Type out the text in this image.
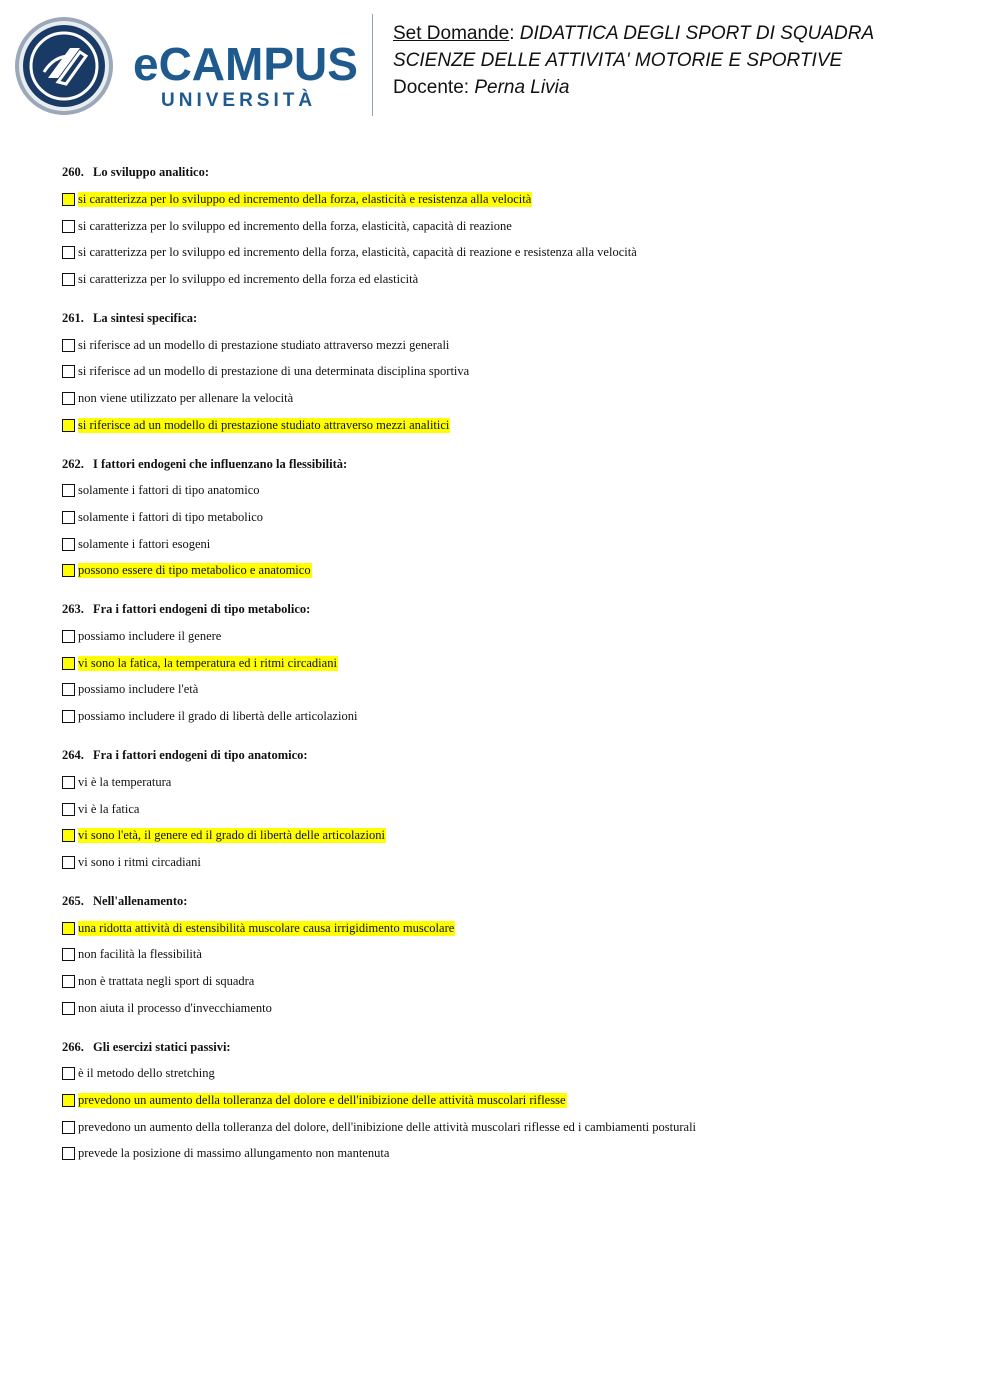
eCAMPUS
UNIVERSITÀ
Set Domande: DIDATTICA DEGLI SPORT DI SQUADRA
SCIENZE DELLE ATTIVITA' MOTORIE E SPORTIVE
Docente: Perna Livia
260. Lo sviluppo analitico:
si caratterizza per lo sviluppo ed incremento della forza, elasticità e resistenza alla velocità
si caratterizza per lo sviluppo ed incremento della forza, elasticità, capacità di reazione
si caratterizza per lo sviluppo ed incremento della forza, elasticità, capacità di reazione e resistenza alla velocità
si caratterizza per lo sviluppo ed incremento della forza ed elasticità
261. La sintesi specifica:
si riferisce ad un modello di prestazione studiato attraverso mezzi generali
si riferisce ad un modello di prestazione di una determinata disciplina sportiva
non viene utilizzato per allenare la velocità
si riferisce ad un modello di prestazione studiato attraverso mezzi analitici
262. I fattori endogeni che influenzano la flessibilità:
solamente i fattori di tipo anatomico
solamente i fattori di tipo metabolico
solamente i fattori esogeni
possono essere di tipo metabolico e anatomico
263. Fra i fattori endogeni di tipo metabolico:
possiamo includere il genere
vi sono la fatica, la temperatura ed i ritmi circadiani
possiamo includere l'età
possiamo includere il grado di libertà delle articolazioni
264. Fra i fattori endogeni di tipo anatomico:
vi è la temperatura
vi è la fatica
vi sono l'età, il genere ed il grado di libertà delle articolazioni
vi sono i ritmi circadiani
265. Nell'allenamento:
una ridotta attività di estensibilità muscolare causa irrigidimento muscolare
non facilità la flessibilità
non è trattata negli sport di squadra
non aiuta il processo d'invecchiamento
266. Gli esercizi statici passivi:
è il metodo dello stretching
prevedono un aumento della tolleranza del dolore e dell'inibizione delle attività muscolari riflesse
prevedono un aumento della tolleranza del dolore, dell'inibizione delle attività muscolari riflesse ed i cambiamenti posturali
prevede la posizione di massimo allungamento non mantenuta
